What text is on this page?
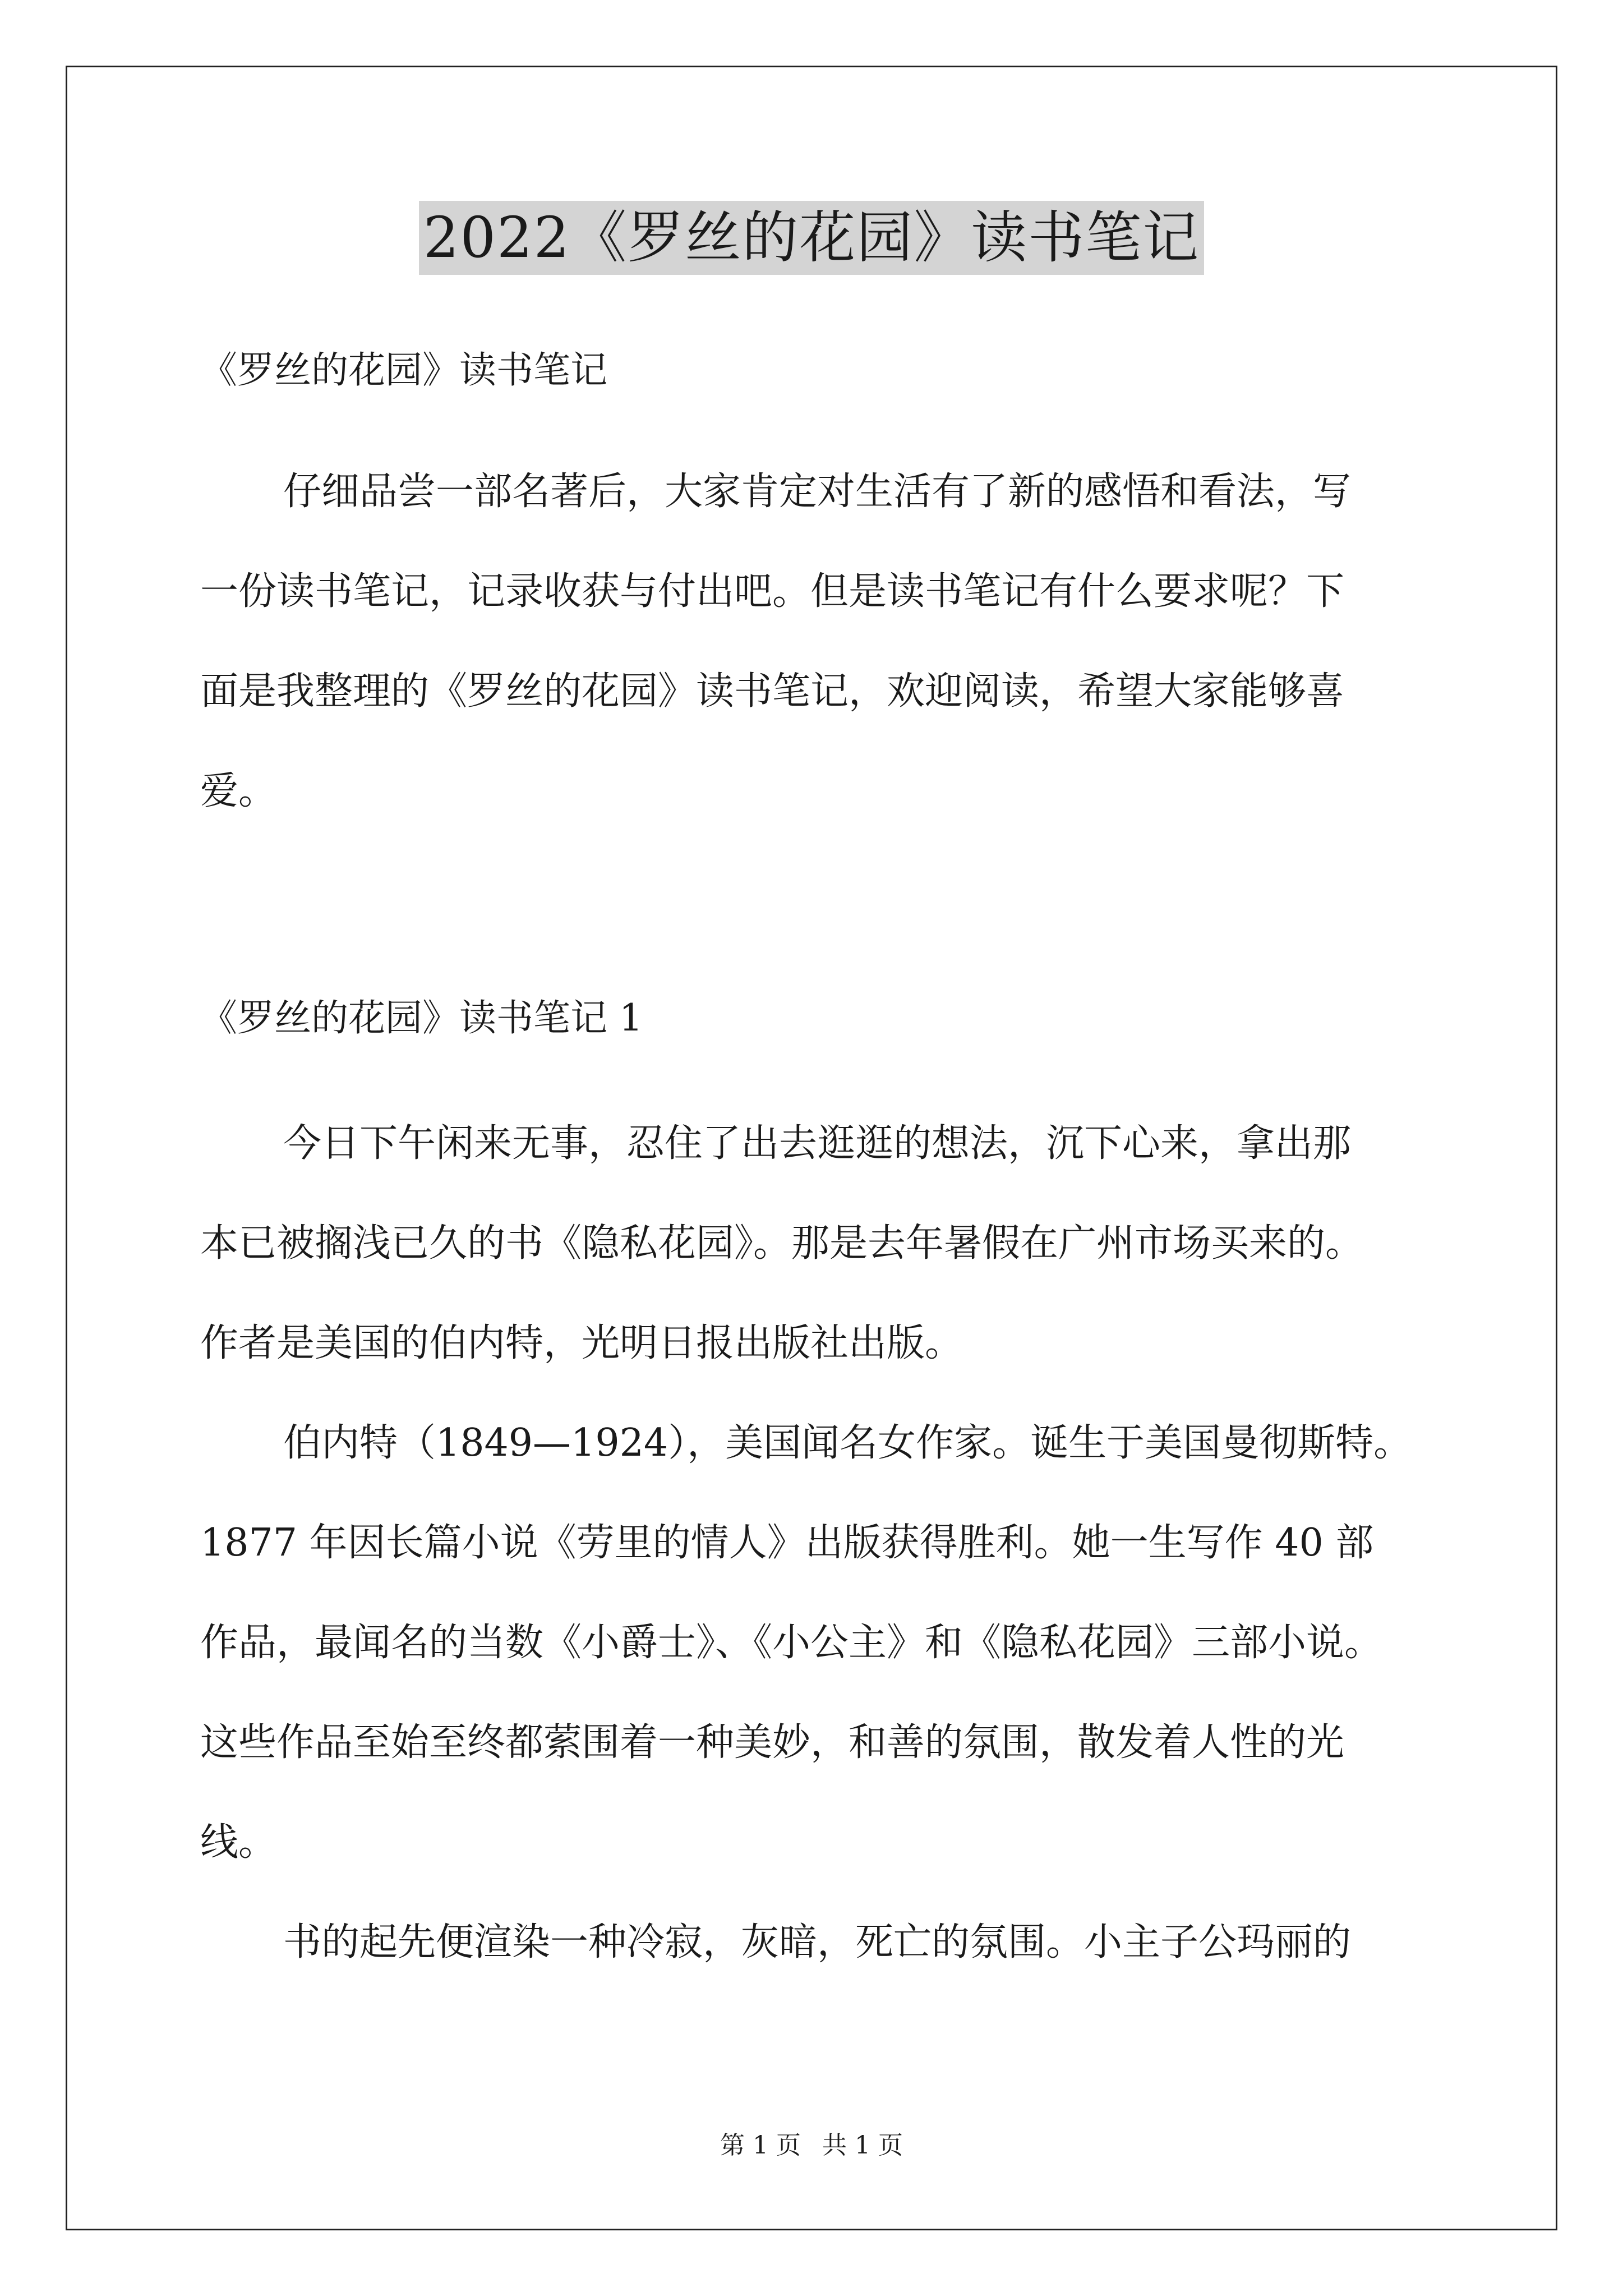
2022《罗丝的花园》读书笔记
《罗丝的花园》读书笔记
仔细品尝一部名著后，大家肯定对生活有了新的感悟和看法，写
一份读书笔记，记录收获与付出吧。但是读书笔记有什么要求呢？下
面是我整理的《罗丝的花园》读书笔记，欢迎阅读，希望大家能够喜
爱。
《罗丝的花园》读书笔记 1
今日下午闲来无事，忍住了出去逛逛的想法，沉下心来，拿出那
本已被搁浅已久的书《隐私花园》。那是去年暑假在广州市场买来的。
作者是美国的伯内特，光明日报出版社出版。
伯内特（1849—1924），美国闻名女作家。诞生于美国曼彻斯特。
1877 年因长篇小说《劳里的情人》出版获得胜利。她一生写作 40 部
作品，最闻名的当数《小爵士》、《小公主》和《隐私花园》三部小说。
这些作品至始至终都萦围着一种美妙，和善的氛围，散发着人性的光
线。
书的起先便渲染一种冷寂，灰暗，死亡的氛围。小主子公玛丽的
第 1 页 共 1 页
